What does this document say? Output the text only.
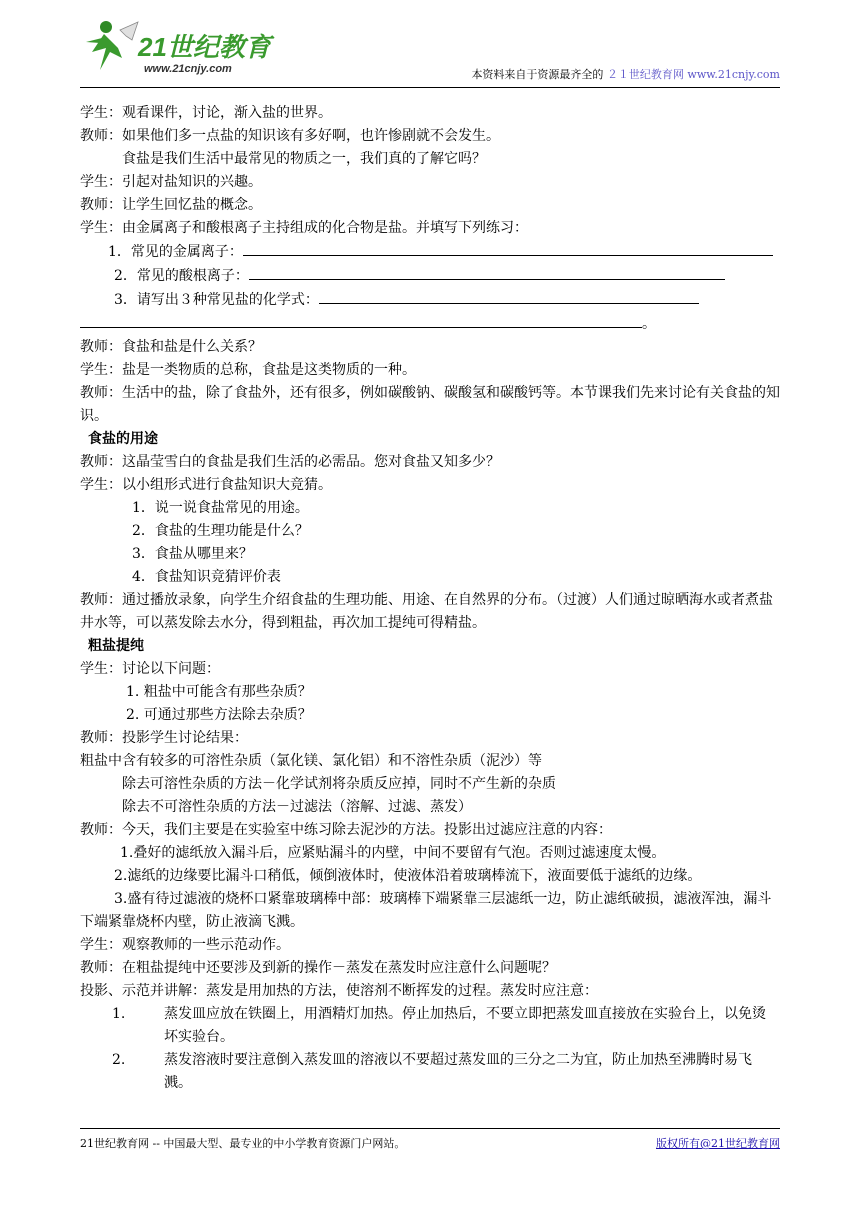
21世纪教育
www.21cnjy.com	本资料来自于资源最齐全的 ２１世纪教育网 www.21cnjy.com

学生：观看课件，讨论，渐入盐的世界。

教师：如果他们多一点盐的知识该有多好啊，也许惨剧就不会发生。

食盐是我们生活中最常见的物质之一，我们真的了解它吗？

学生：引起对盐知识的兴趣。

教师：让学生回忆盐的概念。

学生：由金属离子和酸根离子主持组成的化合物是盐。并填写下列练习：

1．常见的金属离子：

2．常见的酸根离子：

3．请写出３种常见盐的化学式：

。

教师：食盐和盐是什么关系？

学生：盐是一类物质的总称，食盐是这类物质的一种。

教师：生活中的盐，除了食盐外，还有很多，例如碳酸钠、碳酸氢和碳酸钙等。本节课我们先来讨论有关食盐的知识。

食盐的用途

教师：这晶莹雪白的食盐是我们生活的必需品。您对食盐又知多少？

学生：以小组形式进行食盐知识大竞猜。

1．说一说食盐常见的用途。

2．食盐的生理功能是什么？

3．食盐从哪里来？

4．食盐知识竞猜评价表

教师：通过播放录象，向学生介绍食盐的生理功能、用途、在自然界的分布。（过渡）人们通过晾晒海水或者煮盐井水等，可以蒸发除去水分，得到粗盐，再次加工提纯可得精盐。

粗盐提纯

学生：讨论以下问题：

1. 粗盐中可能含有那些杂质？

2. 可通过那些方法除去杂质？

教师：投影学生讨论结果：

粗盐中含有较多的可溶性杂质（氯化镁、氯化铝）和不溶性杂质（泥沙）等

除去可溶性杂质的方法－化学试剂将杂质反应掉，同时不产生新的杂质

除去不可溶性杂质的方法－过滤法（溶解、过滤、蒸发）

教师：今天，我们主要是在实验室中练习除去泥沙的方法。投影出过滤应注意的内容：

1.叠好的滤纸放入漏斗后，应紧贴漏斗的内壁，中间不要留有气泡。否则过滤速度太慢。

2.滤纸的边缘要比漏斗口稍低，倾倒液体时，使液体沿着玻璃棒流下，液面要低于滤纸的边缘。

3.盛有待过滤液的烧杯口紧靠玻璃棒中部：玻璃棒下端紧靠三层滤纸一边，防止滤纸破损，滤液浑浊，漏斗下端紧靠烧杯内壁，防止液滴飞溅。

学生：观察教师的一些示范动作。

教师：在粗盐提纯中还要涉及到新的操作－蒸发在蒸发时应注意什么问题呢？

投影、示范并讲解：蒸发是用加热的方法，使溶剂不断挥发的过程。蒸发时应注意：

1.	蒸发皿应放在铁圈上，用酒精灯加热。停止加热后，不要立即把蒸发皿直接放在实验台上，以免烫坏实验台。
2.	蒸发溶液时要注意倒入蒸发皿的溶液以不要超过蒸发皿的三分之二为宜，防止加热至沸腾时易飞溅。
21世纪教育网 -- 中国最大型、最专业的中小学教育资源门户网站。	版权所有@21世纪教育网
